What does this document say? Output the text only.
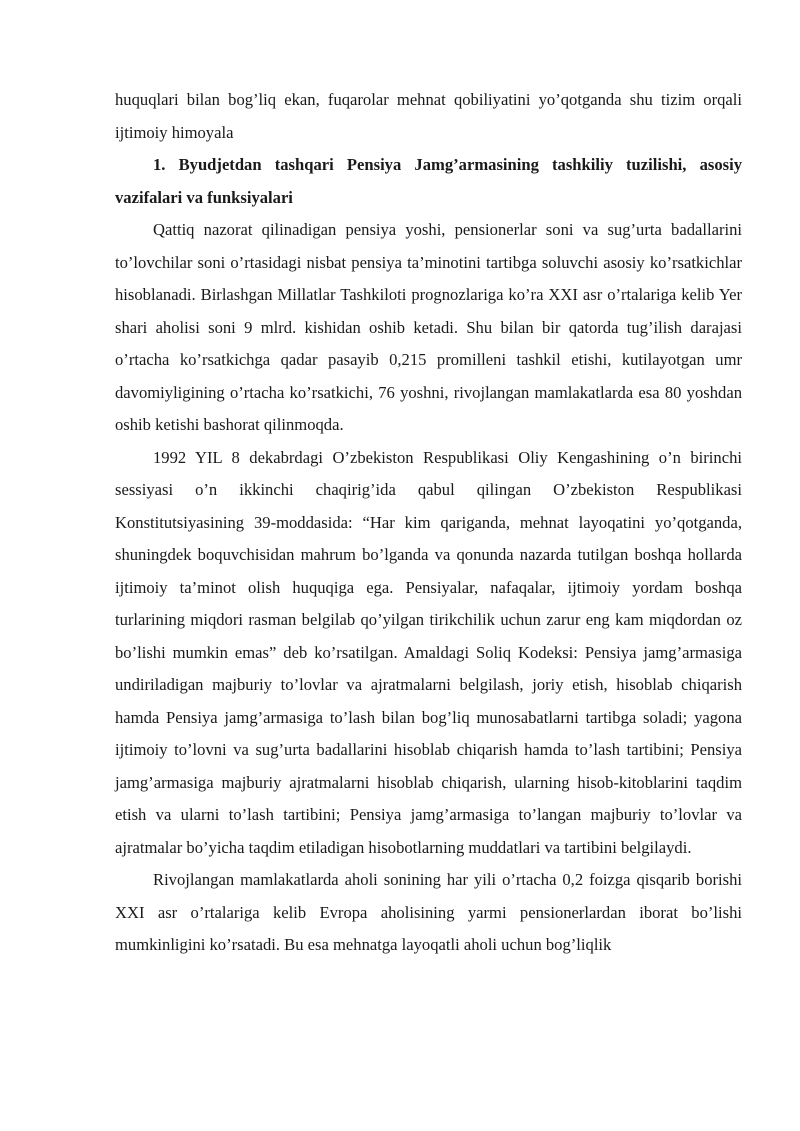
huquqlari bilan bog’liq ekan, fuqarolar mehnat qobiliyatini yo’qotganda shu tizim orqali ijtimoiy himoyala

1. Byudjetdan tashqari Pensiya Jamg’armasining tashkiliy tuzilishi, asosiy vazifalari va funksiyalari

Qattiq nazorat qilinadigan pensiya yoshi, pensionerlar soni va sug’urta badallarini to’lovchilar soni o’rtasidagi nisbat pensiya ta’minotini tartibga soluvchi asosiy ko’rsatkichlar hisoblanadi. Birlashgan Millatlar Tashkiloti prognozlariga ko’ra XXI asr o’rtalariga kelib Yer shari aholisi soni 9 mlrd. kishidan oshib ketadi. Shu bilan bir qatorda tug’ilish darajasi o’rtacha ko’rsatkichga qadar pasayib 0,215 promilleni tashkil etishi, kutilayotgan umr davomiyligining o’rtacha ko’rsatkichi, 76 yoshni, rivojlangan mamlakatlarda esa 80 yoshdan oshib ketishi bashorat qilinmoqda.

1992 YIL 8 dekabrdagi O’zbekiston Respublikasi Oliy Kengashining o’n birinchi sessiyasi o’n ikkinchi chaqirig’ida qabul qilingan O’zbekiston Respublikasi Konstitutsiyasining 39-moddasida: “Har kim qariganda, mehnat layoqatini yo’qotganda, shuningdek boquvchisidan mahrum bo’lganda va qonunda nazarda tutilgan boshqa hollarda ijtimoiy ta’minot olish huquqiga ega. Pensiyalar, nafaqalar, ijtimoiy yordam boshqa turlarining miqdori rasman belgilab qo’yilgan tirikchilik uchun zarur eng kam miqdordan oz bo’lishi mumkin emas” deb ko’rsatilgan. Amaldagi Soliq Kodeksi: Pensiya jamg’armasiga undiriladigan majburiy to’lovlar va ajratmalarni belgilash, joriy etish, hisoblab chiqarish hamda Pensiya jamg’armasiga to’lash bilan bog’liq munosabatlarni tartibga soladi; yagona ijtimoiy to’lovni va sug’urta badallarini hisoblab chiqarish hamda to’lash tartibini; Pensiya jamg’armasiga majburiy ajratmalarni hisoblab chiqarish, ularning hisob-kitoblarini taqdim etish va ularni to’lash tartibini; Pensiya jamg’armasiga to’langan majburiy to’lovlar va ajratmalar bo’yicha taqdim etiladigan hisobotlarning muddatlari va tartibini belgilaydi.

Rivojlangan mamlakatlarda aholi sonining har yili o’rtacha 0,2 foizga qisqarib borishi XXI asr o’rtalariga kelib Evropa aholisining yarmi pensionerlardan iborat bo’lishi mumkinligini ko’rsatadi. Bu esa mehnatga layoqatli aholi uchun bog’liqlik
